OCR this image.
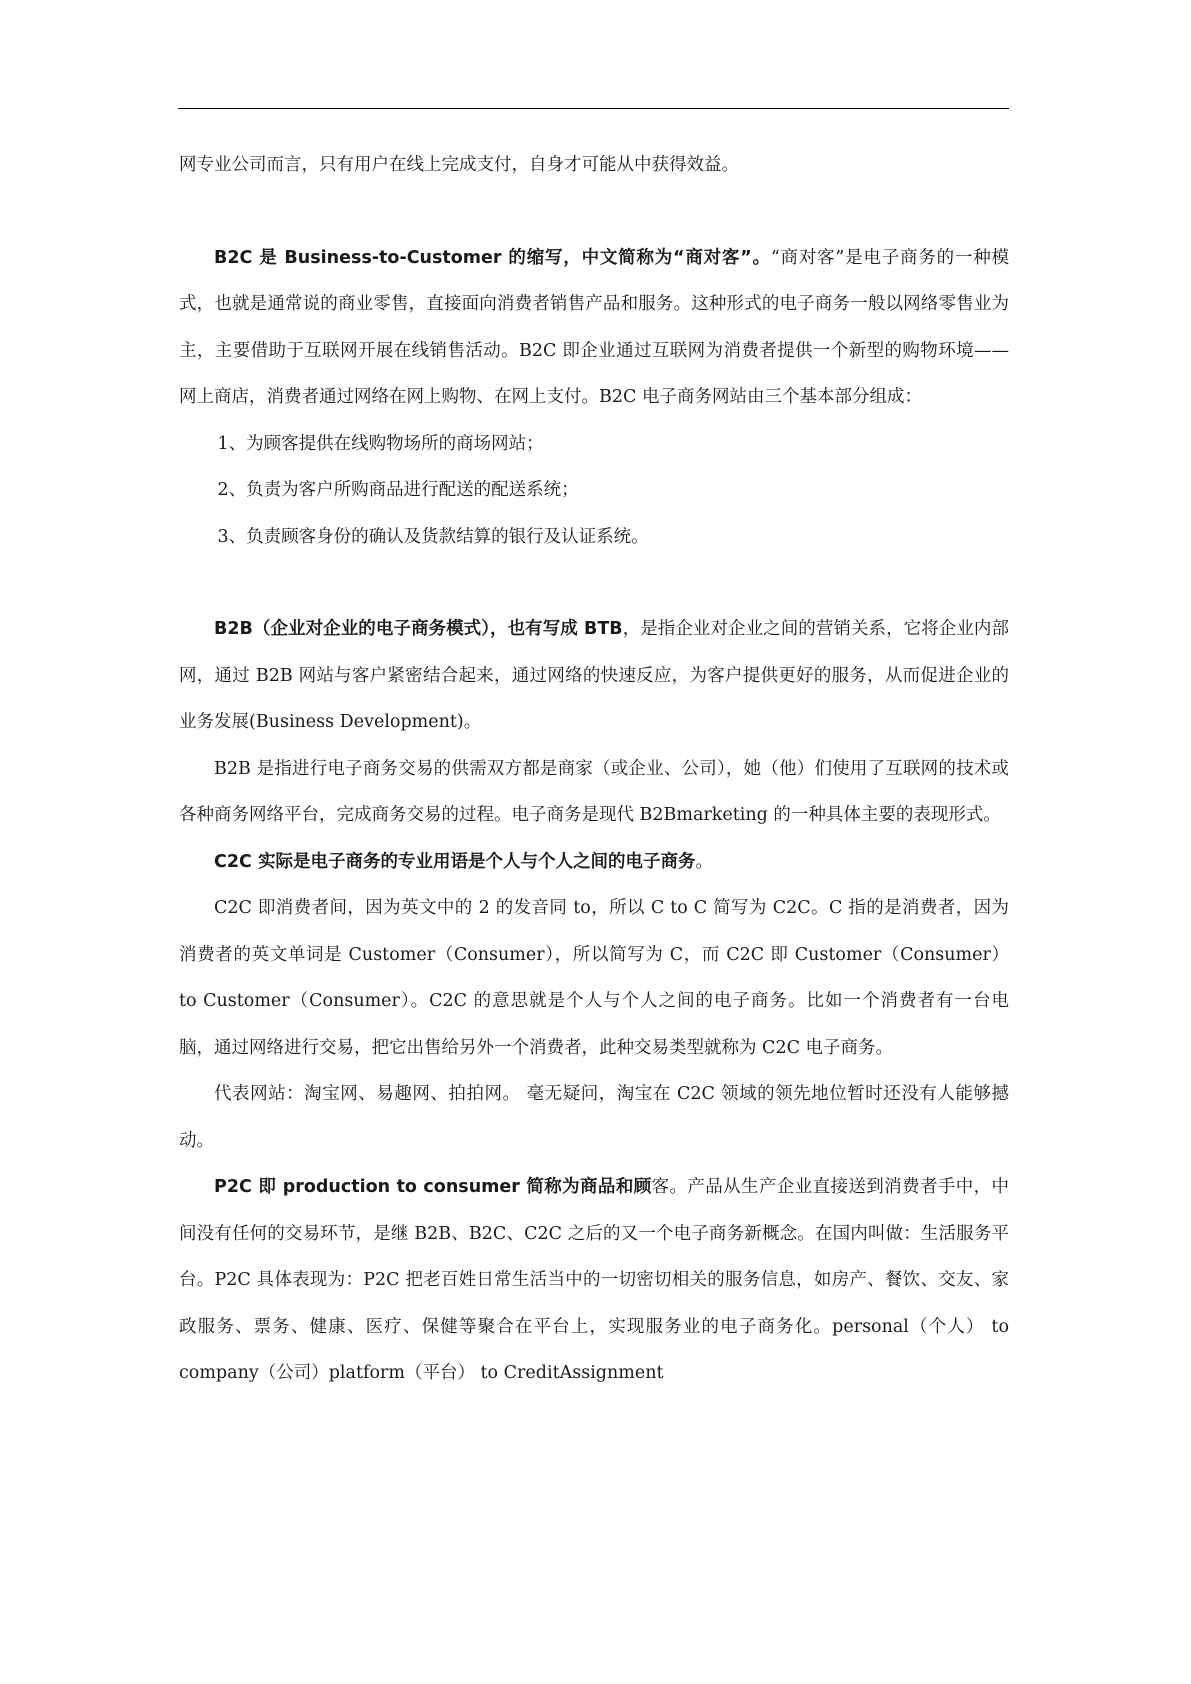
网专业公司而言，只有用户在线上完成支付，自身才可能从中获得效益。

B2C 是 Business-to-Customer 的缩写，中文简称为“商对客”。“商对客”是电子商务的一种模式，也就是通常说的商业零售，直接面向消费者销售产品和服务。这种形式的电子商务一般以网络零售业为主，主要借助于互联网开展在线销售活动。B2C 即企业通过互联网为消费者提供一个新型的购物环境——网上商店，消费者通过网络在网上购物、在网上支付。B2C 电子商务网站由三个基本部分组成：

1、为顾客提供在线购物场所的商场网站；

2、负责为客户所购商品进行配送的配送系统；

3、负责顾客身份的确认及货款结算的银行及认证系统。

B2B（企业对企业的电子商务模式），也有写成 BTB，是指企业对企业之间的营销关系，它将企业内部网，通过 B2B 网站与客户紧密结合起来，通过网络的快速反应，为客户提供更好的服务，从而促进企业的业务发展(Business Development)。

B2B 是指进行电子商务交易的供需双方都是商家（或企业、公司），她（他）们使用了互联网的技术或各种商务网络平台，完成商务交易的过程。电子商务是现代 B2Bmarketing 的一种具体主要的表现形式。

C2C 实际是电子商务的专业用语是个人与个人之间的电子商务。

C2C 即消费者间，因为英文中的 2 的发音同 to，所以 C to C 简写为 C2C。C 指的是消费者，因为消费者的英文单词是 Customer（Consumer），所以简写为 C，而 C2C 即 Customer（Consumer） to Customer（Consumer）。C2C 的意思就是个人与个人之间的电子商务。比如一个消费者有一台电脑，通过网络进行交易，把它出售给另外一个消费者，此种交易类型就称为 C2C 电子商务。

代表网站：淘宝网、易趣网、拍拍网。 毫无疑问，淘宝在 C2C 领域的领先地位暂时还没有人能够撼动。

P2C 即 production to consumer 简称为商品和顾客。产品从生产企业直接送到消费者手中，中间没有任何的交易环节，是继 B2B、B2C、C2C 之后的又一个电子商务新概念。在国内叫做：生活服务平台。P2C 具体表现为：P2C 把老百姓日常生活当中的一切密切相关的服务信息，如房产、餐饮、交友、家政服务、票务、健康、医疗、保健等聚合在平台上，实现服务业的电子商务化。personal（个人） to company（公司）platform（平台） to CreditAssignment
